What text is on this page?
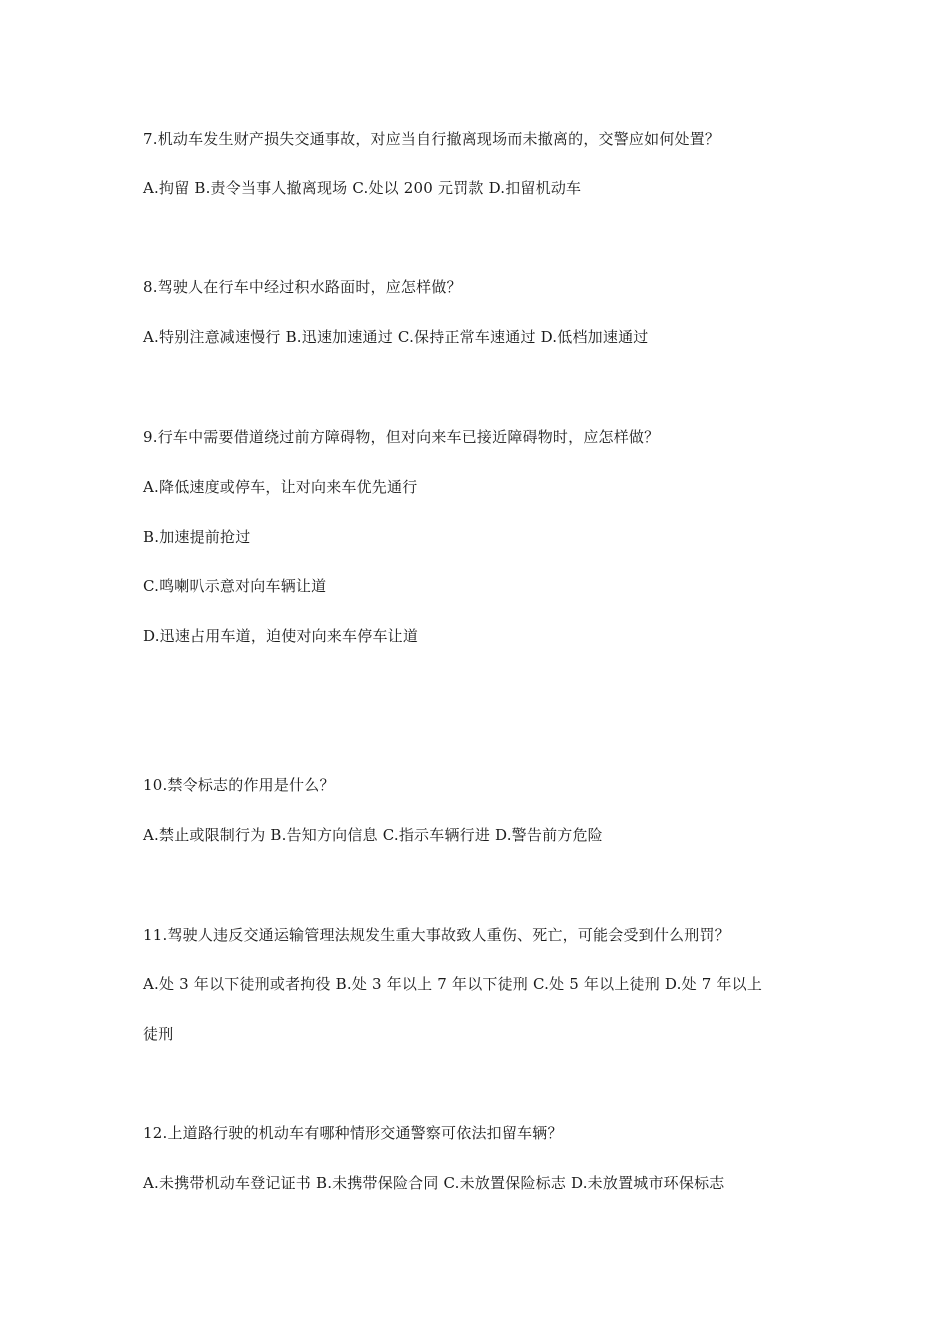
7.机动车发生财产损失交通事故，对应当自行撤离现场而未撤离的，交警应如何处置？
A.拘留 B.责令当事人撤离现场 C.处以 200 元罚款 D.扣留机动车
8.驾驶人在行车中经过积水路面时，应怎样做？
A.特别注意减速慢行 B.迅速加速通过 C.保持正常车速通过 D.低档加速通过
9.行车中需要借道绕过前方障碍物，但对向来车已接近障碍物时，应怎样做？
A.降低速度或停车，让对向来车优先通行
B.加速提前抢过
C.鸣喇叭示意对向车辆让道
D.迅速占用车道，迫使对向来车停车让道
10.禁令标志的作用是什么？
A.禁止或限制行为 B.告知方向信息 C.指示车辆行进 D.警告前方危险
11.驾驶人违反交通运输管理法规发生重大事故致人重伤、死亡，可能会受到什么刑罚？
A.处 3 年以下徒刑或者拘役 B.处 3 年以上 7 年以下徒刑 C.处 5 年以上徒刑 D.处 7 年以上
徒刑
12.上道路行驶的机动车有哪种情形交通警察可依法扣留车辆？
A.未携带机动车登记证书 B.未携带保险合同 C.未放置保险标志 D.未放置城市环保标志
